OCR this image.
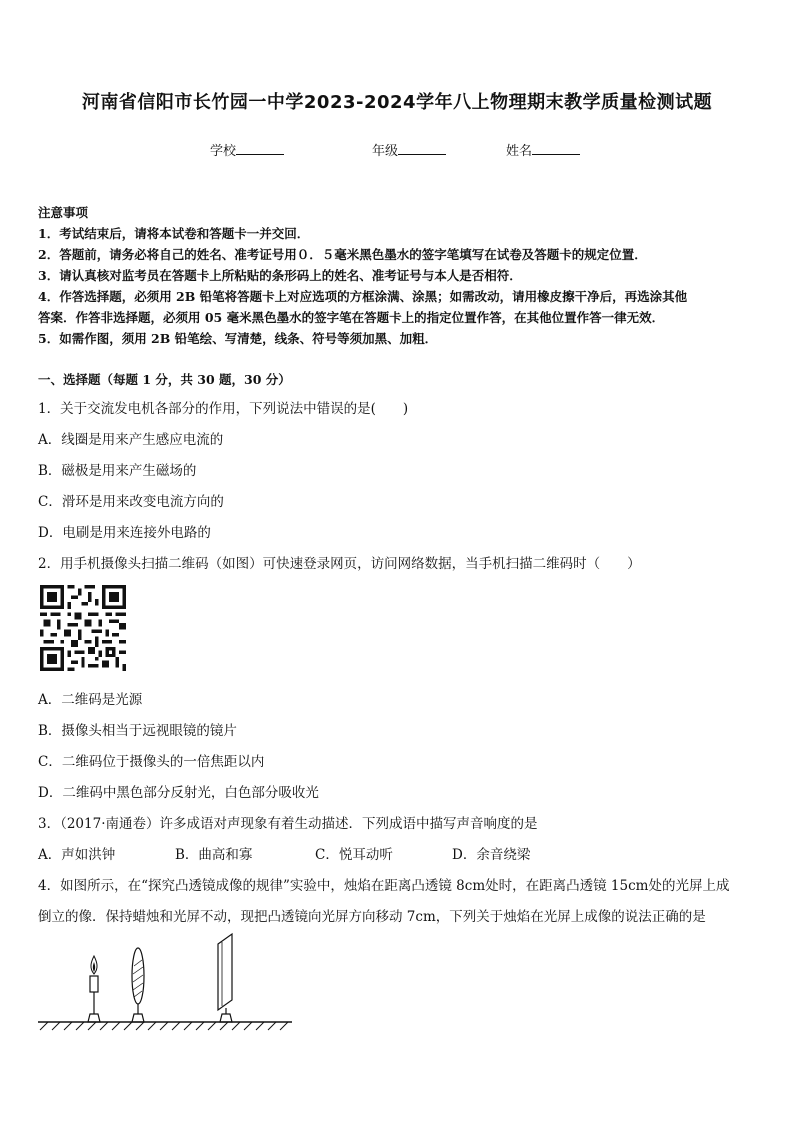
河南省信阳市长竹园一中学2023-2024学年八上物理期末教学质量检测试题
学校	年级	姓名
注意事项
1．考试结束后，请将本试卷和答题卡一并交回．
2．答题前，请务必将自己的姓名、准考证号用０．５毫米黑色墨水的签字笔填写在试卷及答题卡的规定位置．
3．请认真核对监考员在答题卡上所粘贴的条形码上的姓名、准考证号与本人是否相符．
4．作答选择题，必须用 2B 铅笔将答题卡上对应选项的方框涂满、涂黑；如需改动，请用橡皮擦干净后，再选涂其他
答案．作答非选择题，必须用 05 毫米黑色墨水的签字笔在答题卡上的指定位置作答，在其他位置作答一律无效．
5．如需作图，须用 2B 铅笔绘、写清楚，线条、符号等须加黑、加粗．
一、选择题（每题 1 分，共 30 题，30 分）
1．关于交流发电机各部分的作用，下列说法中错误的是(　　)
A．线圈是用来产生感应电流的
B．磁极是用来产生磁场的
C．滑环是用来改变电流方向的
D．电刷是用来连接外电路的
2．用手机摄像头扫描二维码（如图）可快速登录网页，访问网络数据，当手机扫描二维码时（　　）
A．二维码是光源
B．摄像头相当于远视眼镜的镜片
C．二维码位于摄像头的一倍焦距以内
D．二维码中黑色部分反射光，白色部分吸收光
3．（2017·南通卷）许多成语对声现象有着生动描述．下列成语中描写声音响度的是
A．声如洪钟	B．曲高和寡	C．悦耳动听	D．余音绕梁
4．如图所示，在“探究凸透镜成像的规律”实验中，烛焰在距离凸透镜 8cm处时，在距离凸透镜 15cm处的光屏上成
倒立的像．保持蜡烛和光屏不动，现把凸透镜向光屏方向移动 7cm，下列关于烛焰在光屏上成像的说法正确的是
